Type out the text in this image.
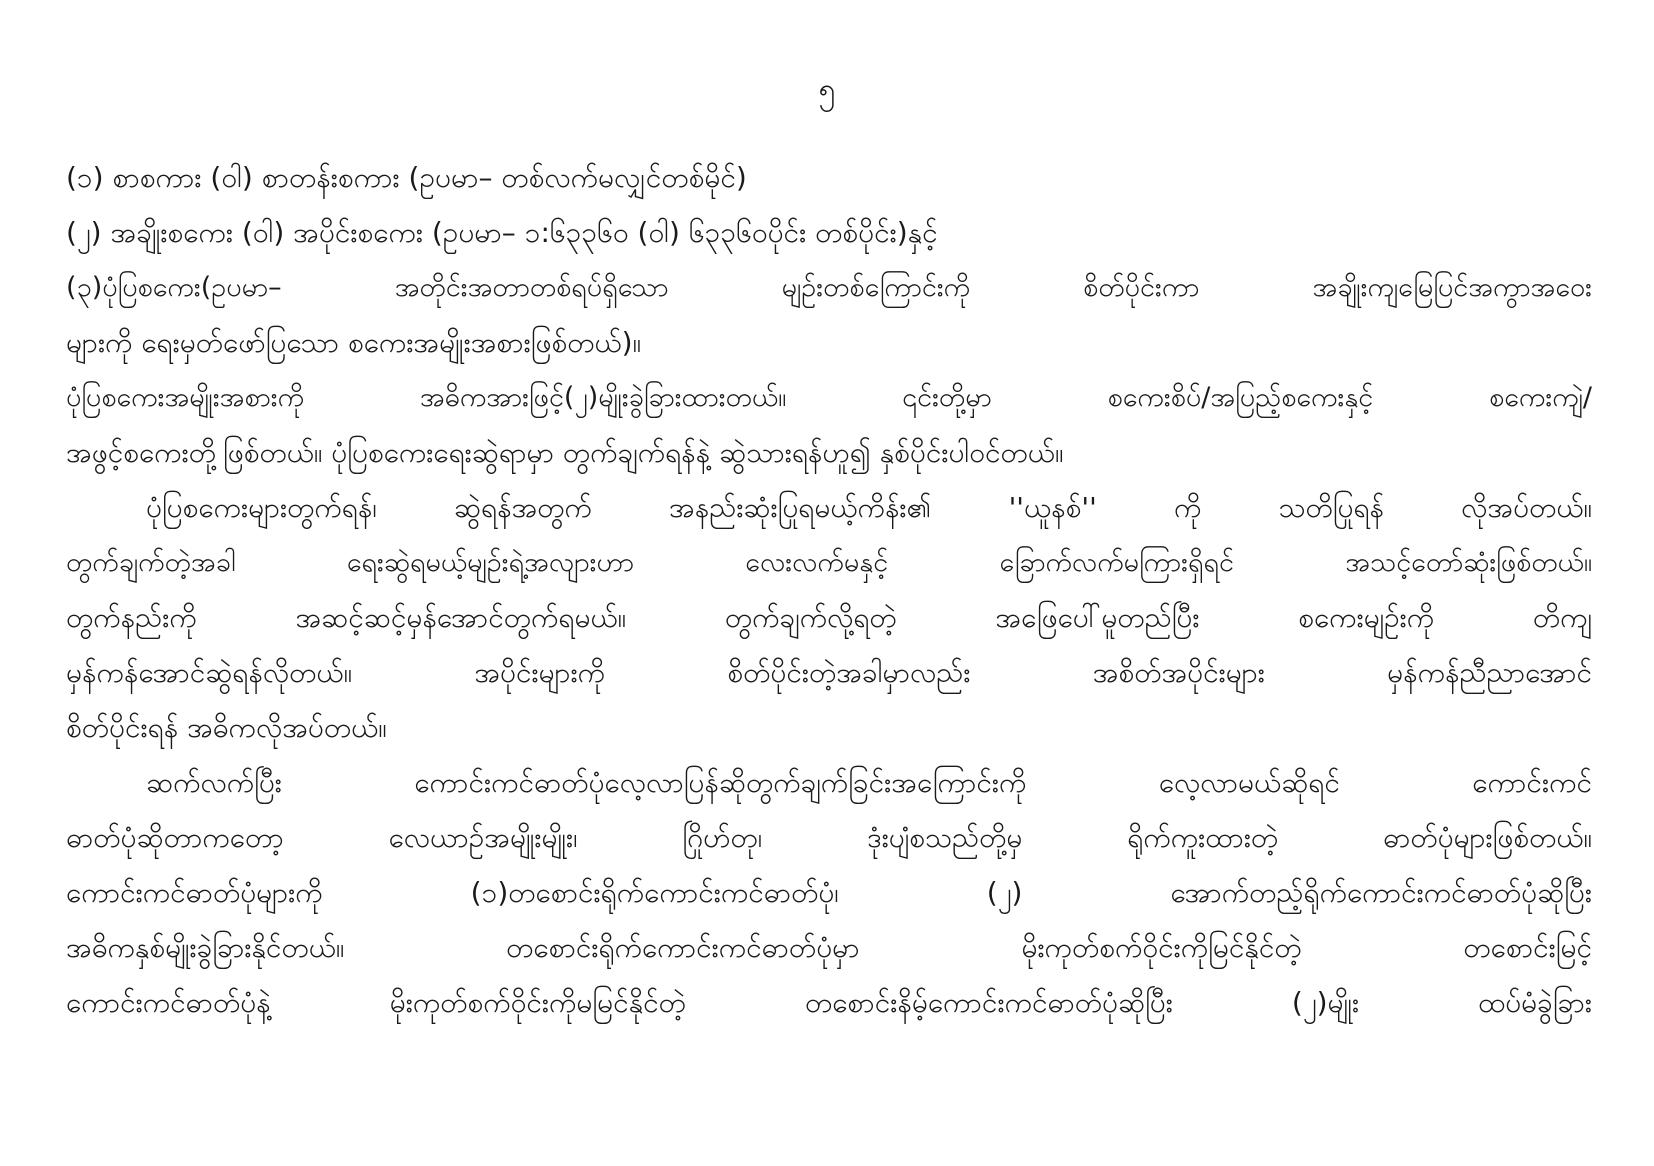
၅
(၁) စာစကား (ဝါ) စာတန်းစကား (ဥပမာ– တစ်လက်မလျှင်တစ်မိုင်)
(၂) အချိုးစကေး (ဝါ) အပိုင်းစကေး (ဥပမာ– ၁:၆၃၃၆၀ (ဝါ) ၆၃၃၆၀ပိုင်း တစ်ပိုင်း)နှင့်
(၃)ပုံပြစကေး(ဥပမာ– အတိုင်းအတာတစ်ရပ်ရှိသော မျဉ်းတစ်ကြောင်းကို စိတ်ပိုင်းကာ အချိုးကျမြေပြင်အကွာအဝေး
များကို ရေးမှတ်ဖော်ပြသော စကေးအမျိုးအစားဖြစ်တယ်)။
ပုံပြစကေးအမျိုးအစားကို အဓိကအားဖြင့်(၂)မျိုးခွဲခြားထားတယ်။ ၎င်းတို့မှာ စကေးစိပ်/အပြည့်စကေးနှင့် စကေးကျဲ/
အဖွင့်စကေးတို့ဖြစ်တယ်။ ပုံပြစကေးရေးဆွဲရာမှာ တွက်ချက်ရန်နဲ့ ဆွဲသားရန်ဟူ၍ နှစ်ပိုင်းပါဝင်တယ်။
ပုံပြစကေးများတွက်ရန်၊ ဆွဲရန်အတွက် အနည်းဆုံးပြုရမယ့်ကိန်း၏ ''ယူနစ်'' ကို သတိပြုရန် လိုအပ်တယ်။
တွက်ချက်တဲ့အခါ ရေးဆွဲရမယ့်မျဉ်းရဲ့အလျားဟာ လေးလက်မနှင့် ခြောက်လက်မကြားရှိရင် အသင့်တော်ဆုံးဖြစ်တယ်။
တွက်နည်းကို အဆင့်ဆင့်မှန်အောင်တွက်ရမယ်။ တွက်ချက်လို့ရတဲ့ အဖြေပေါ်မူတည်ပြီး စကေးမျဉ်းကို တိကျ
မှန်ကန်အောင်ဆွဲရန်လိုတယ်။ အပိုင်းများကို စိတ်ပိုင်းတဲ့အခါမှာလည်း အစိတ်အပိုင်းများ မှန်ကန်ညီညာအောင်
စိတ်ပိုင်းရန် အဓိကလိုအပ်တယ်။
ဆက်လက်ပြီး ကောင်းကင်ဓာတ်ပုံလေ့လာပြန်ဆိုတွက်ချက်ခြင်းအကြောင်းကို လေ့လာမယ်ဆိုရင် ကောင်းကင်
ဓာတ်ပုံဆိုတာကတော့ လေယာဉ်အမျိုးမျိုး၊ ဂြိုဟ်တု၊ ဒုံးပျံစသည်တို့မှ ရိုက်ကူးထားတဲ့ ဓာတ်ပုံများဖြစ်တယ်။
ကောင်းကင်ဓာတ်ပုံများကို (၁)တစောင်းရိုက်ကောင်းကင်ဓာတ်ပုံ၊ (၂) အောက်တည့်ရိုက်ကောင်းကင်ဓာတ်ပုံဆိုပြီး
အဓိကနှစ်မျိုးခွဲခြားနိုင်တယ်။ တစောင်းရိုက်ကောင်းကင်ဓာတ်ပုံမှာ မိုးကုတ်စက်ဝိုင်းကိုမြင်နိုင်တဲ့ တစောင်းမြင့်
ကောင်းကင်ဓာတ်ပုံနဲ့ မိုးကုတ်စက်ဝိုင်းကိုမမြင်နိုင်တဲ့ တစောင်းနိမ့်ကောင်းကင်ဓာတ်ပုံဆိုပြီး (၂)မျိုး ထပ်မံခွဲခြား
